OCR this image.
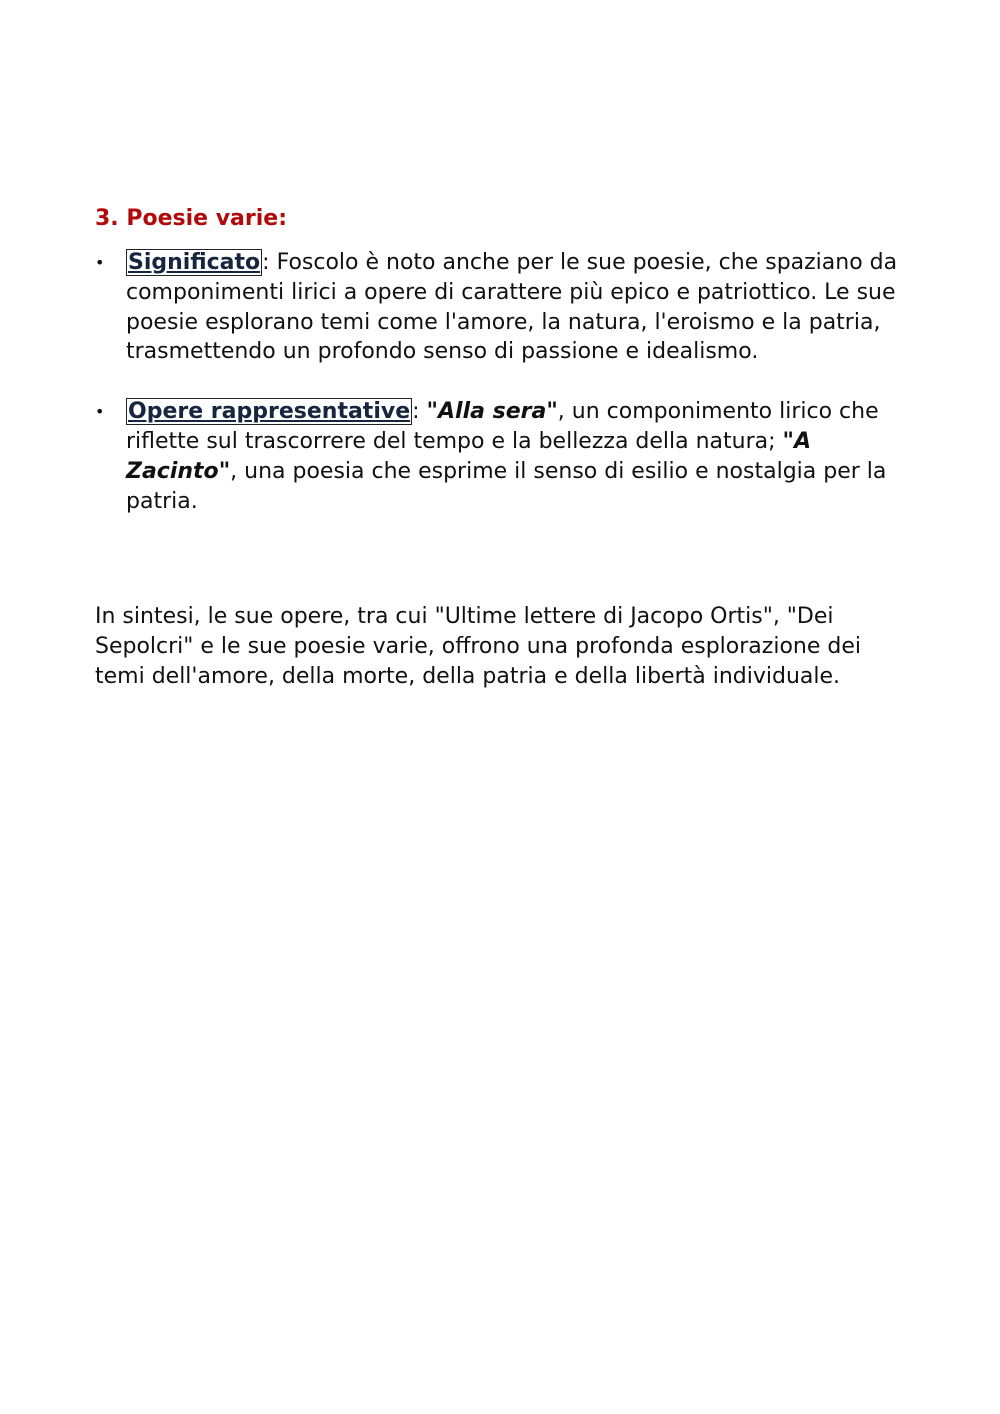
3. Poesie varie:
• Significato: Foscolo è noto anche per le sue poesie, che spaziano da componimenti lirici a opere di carattere più epico e patriottico. Le sue poesie esplorano temi come l'amore, la natura, l'eroismo e la patria, trasmettendo un profondo senso di passione e idealismo.
• Opere rappresentative: "Alla sera", un componimento lirico che riflette sul trascorrere del tempo e la bellezza della natura; "A Zacinto", una poesia che esprime il senso di esilio e nostalgia per la patria.

In sintesi, le sue opere, tra cui "Ultime lettere di Jacopo Ortis", "Dei Sepolcri" e le sue poesie varie, offrono una profonda esplorazione dei temi dell'amore, della morte, della patria e della libertà individuale.
